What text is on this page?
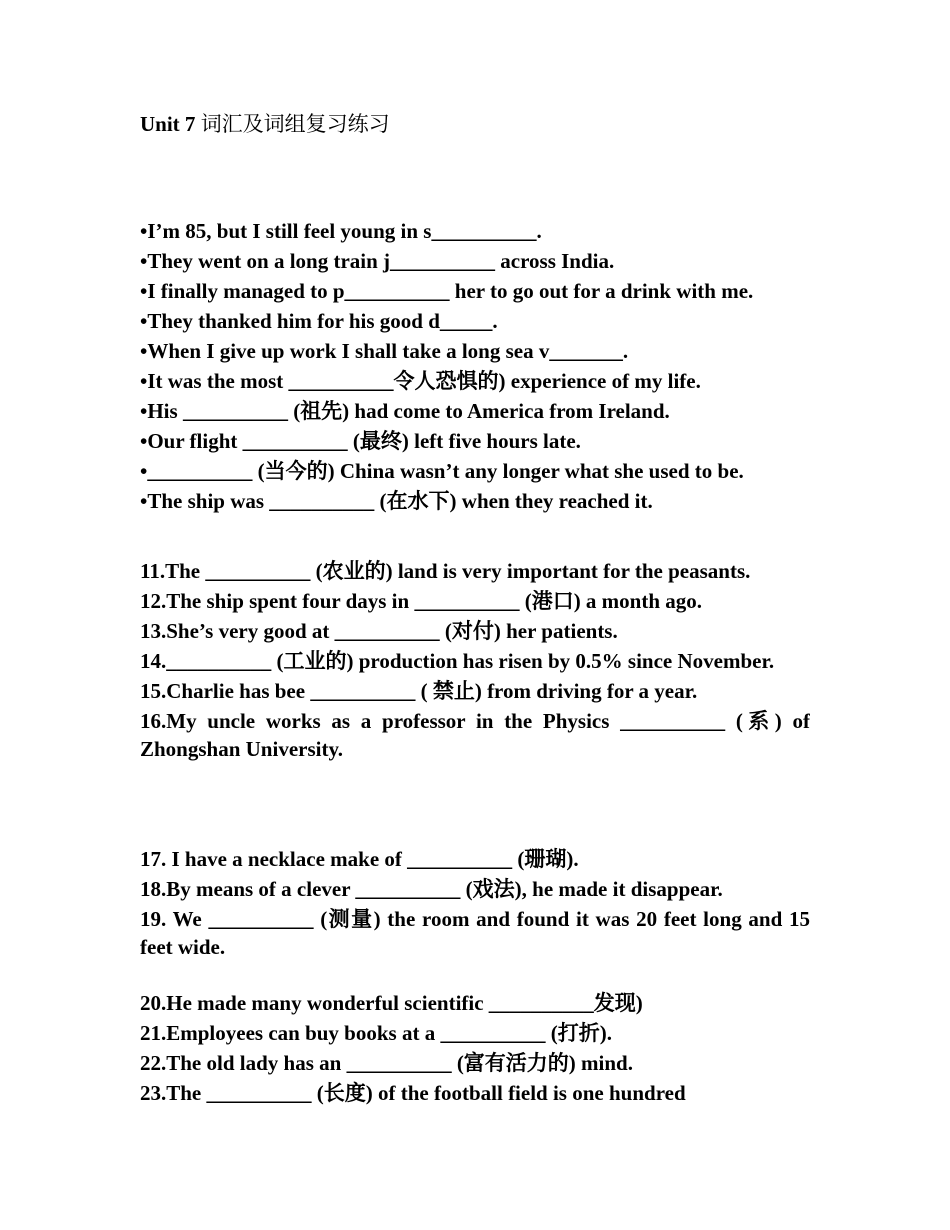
Unit 7 词汇及词组复习练习
•I’m 85, but I still feel young in s__________.
•They went on a long train j__________ across India.
•I finally managed to p__________ her to go out for a drink with me.
•They thanked him for his good d_____.
•When I give up work I shall take a long sea v_______.
•It was the most __________令人恐惧的) experience of my life.
•His __________ (祖先) had come to America from Ireland.
•Our flight __________ (最终) left five hours late.
•__________ (当今的) China wasn’t any longer what she used to be.
•The ship was __________ (在水下) when they reached it.
11.The __________ (农业的) land is very important for the peasants.
12.The ship spent four days in __________ (港口) a month ago.
13.She’s very good at __________ (对付) her patients.
14.__________ (工业的) production has risen by 0.5% since November.
15.Charlie has bee __________ ( 禁止) from driving for a year.
16.My uncle works as a professor in the Physics __________ (系) of Zhongshan University.
17. I have a necklace make of __________ (珊瑚).
18.By means of a clever __________ (戏法), he made it disappear.
19. We __________ (测量) the room and found it was 20 feet long and 15 feet wide.
20.He made many wonderful scientific __________发现)
21.Employees can buy books at a __________ (打折).
22.The old lady has an __________ (富有活力的) mind.
23.The __________ (长度) of the football field is one hundred
